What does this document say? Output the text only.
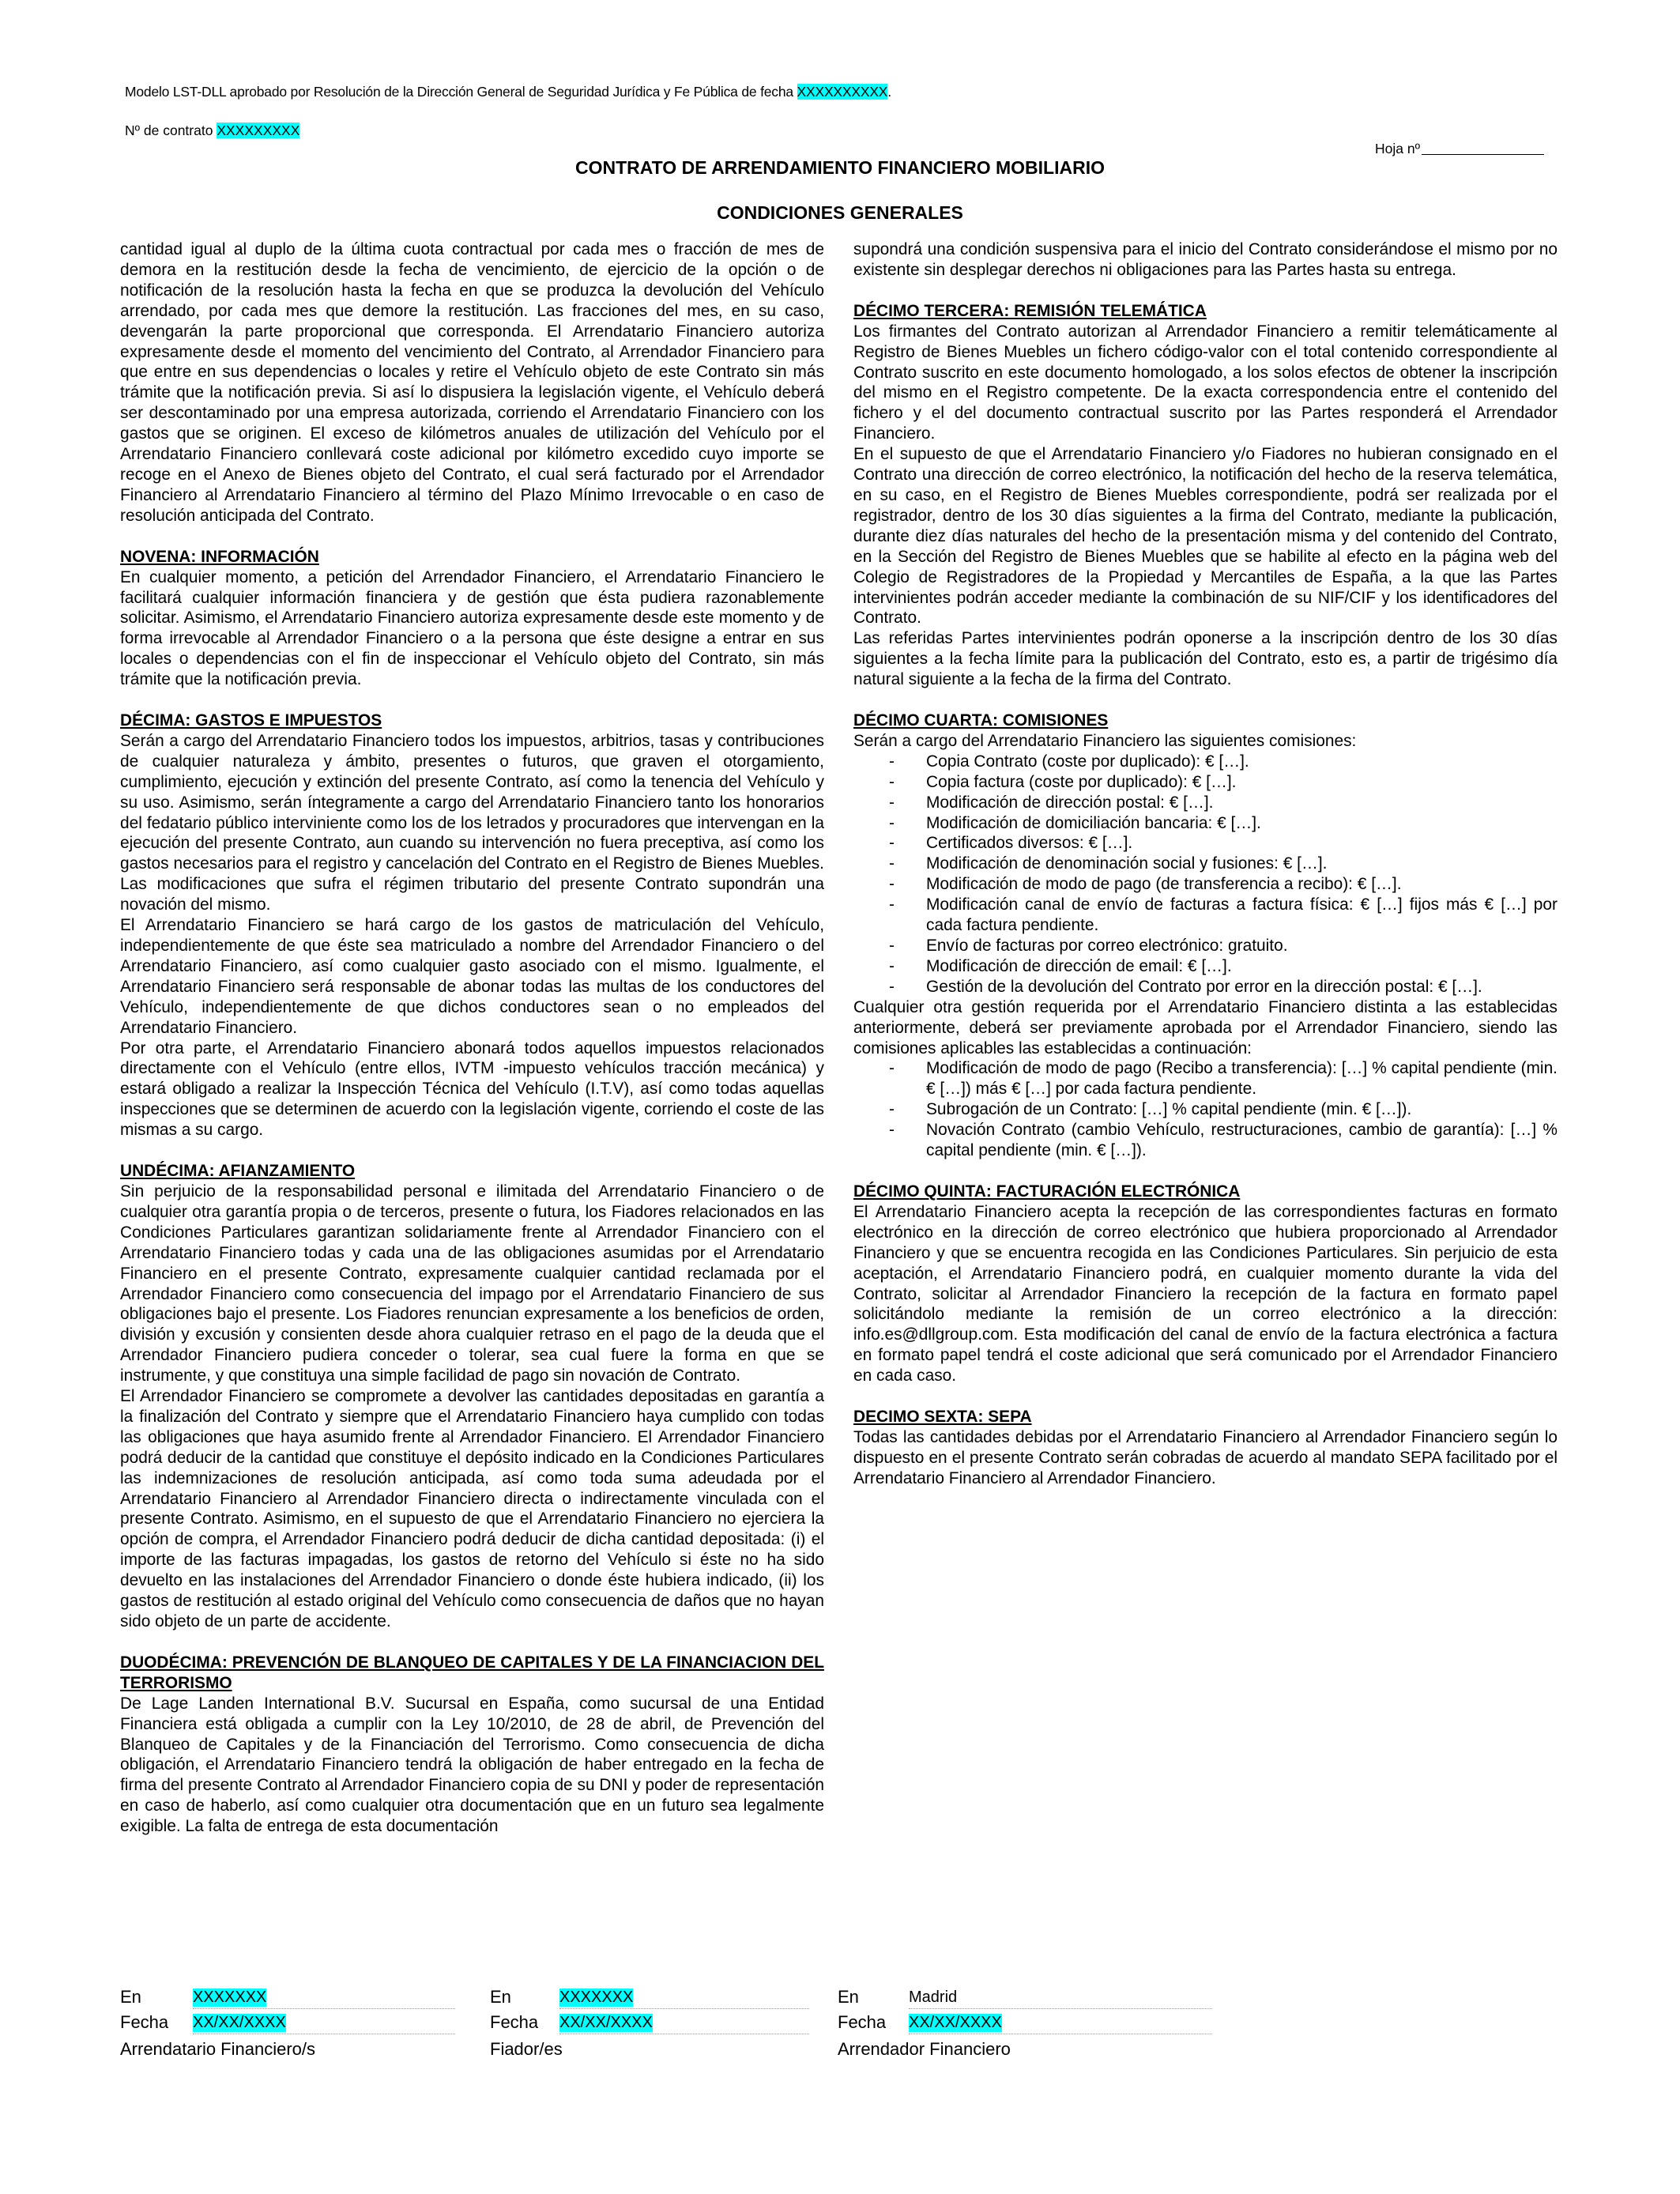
Modelo LST-DLL aprobado por Resolución de la Dirección General de Seguridad Jurídica y Fe Pública de fecha XXXXXXXXXX.
Nº de contrato XXXXXXXXX
Hoja nº
CONTRATO DE ARRENDAMIENTO FINANCIERO MOBILIARIO
CONDICIONES GENERALES

cantidad igual al duplo de la última cuota contractual por cada mes o fracción de mes de demora en la restitución desde la fecha de vencimiento, de ejercicio de la opción o de notificación de la resolución hasta la fecha en que se produzca la devolución del Vehículo arrendado, por cada mes que demore la restitución. Las fracciones del mes, en su caso, devengarán la parte proporcional que corresponda. El Arrendatario Financiero autoriza expresamente desde el momento del vencimiento del Contrato, al Arrendador Financiero para que entre en sus dependencias o locales y retire el Vehículo objeto de este Contrato sin más trámite que la notificación previa. Si así lo dispusiera la legislación vigente, el Vehículo deberá ser descontaminado por una empresa autorizada, corriendo el Arrendatario Financiero con los gastos que se originen. El exceso de kilómetros anuales de utilización del Vehículo por el Arrendatario Financiero conllevará coste adicional por kilómetro excedido cuyo importe se recoge en el Anexo de Bienes objeto del Contrato, el cual será facturado por el Arrendador Financiero al Arrendatario Financiero al término del Plazo Mínimo Irrevocable o en caso de resolución anticipada del Contrato.

NOVENA: INFORMACIÓN

En cualquier momento, a petición del Arrendador Financiero, el Arrendatario Financiero le facilitará cualquier información financiera y de gestión que ésta pudiera razonablemente solicitar. Asimismo, el Arrendatario Financiero autoriza expresamente desde este momento y de forma irrevocable al Arrendador Financiero o a la persona que éste designe a entrar en sus locales o dependencias con el fin de inspeccionar el Vehículo objeto del Contrato, sin más trámite que la notificación previa.

DÉCIMA: GASTOS E IMPUESTOS

Serán a cargo del Arrendatario Financiero todos los impuestos, arbitrios, tasas y contribuciones de cualquier naturaleza y ámbito, presentes o futuros, que graven el otorgamiento, cumplimiento, ejecución y extinción del presente Contrato, así como la tenencia del Vehículo y su uso. Asimismo, serán íntegramente a cargo del Arrendatario Financiero tanto los honorarios del fedatario público interviniente como los de los letrados y procuradores que intervengan en la ejecución del presente Contrato, aun cuando su intervención no fuera preceptiva, así como los gastos necesarios para el registro y cancelación del Contrato en el Registro de Bienes Muebles. Las modificaciones que sufra el régimen tributario del presente Contrato supondrán una novación del mismo.

El Arrendatario Financiero se hará cargo de los gastos de matriculación del Vehículo, independientemente de que éste sea matriculado a nombre del Arrendador Financiero o del Arrendatario Financiero, así como cualquier gasto asociado con el mismo. Igualmente, el Arrendatario Financiero será responsable de abonar todas las multas de los conductores del Vehículo, independientemente de que dichos conductores sean o no empleados del Arrendatario Financiero.

Por otra parte, el Arrendatario Financiero abonará todos aquellos impuestos relacionados directamente con el Vehículo (entre ellos, IVTM -impuesto vehículos tracción mecánica) y estará obligado a realizar la Inspección Técnica del Vehículo (I.T.V), así como todas aquellas inspecciones que se determinen de acuerdo con la legislación vigente, corriendo el coste de las mismas a su cargo.

UNDÉCIMA: AFIANZAMIENTO

Sin perjuicio de la responsabilidad personal e ilimitada del Arrendatario Financiero o de cualquier otra garantía propia o de terceros, presente o futura, los Fiadores relacionados en las Condiciones Particulares garantizan solidariamente frente al Arrendador Financiero con el Arrendatario Financiero todas y cada una de las obligaciones asumidas por el Arrendatario Financiero en el presente Contrato, expresamente cualquier cantidad reclamada por el Arrendador Financiero como consecuencia del impago por el Arrendatario Financiero de sus obligaciones bajo el presente. Los Fiadores renuncian expresamente a los beneficios de orden, división y excusión y consienten desde ahora cualquier retraso en el pago de la deuda que el Arrendador Financiero pudiera conceder o tolerar, sea cual fuere la forma en que se instrumente, y que constituya una simple facilidad de pago sin novación de Contrato.

El Arrendador Financiero se compromete a devolver las cantidades depositadas en garantía a la finalización del Contrato y siempre que el Arrendatario Financiero haya cumplido con todas las obligaciones que haya asumido frente al Arrendador Financiero. El Arrendador Financiero podrá deducir de la cantidad que constituye el depósito indicado en la Condiciones Particulares las indemnizaciones de resolución anticipada, así como toda suma adeudada por el Arrendatario Financiero al Arrendador Financiero directa o indirectamente vinculada con el presente Contrato. Asimismo, en el supuesto de que el Arrendatario Financiero no ejerciera la opción de compra, el Arrendador Financiero podrá deducir de dicha cantidad depositada: (i) el importe de las facturas impagadas, los gastos de retorno del Vehículo si éste no ha sido devuelto en las instalaciones del Arrendador Financiero o donde éste hubiera indicado, (ii) los gastos de restitución al estado original del Vehículo como consecuencia de daños que no hayan sido objeto de un parte de accidente.

DUODÉCIMA: PREVENCIÓN DE BLANQUEO DE CAPITALES Y DE LA FINANCIACION DEL TERRORISMO

De Lage Landen International B.V. Sucursal en España, como sucursal de una Entidad Financiera está obligada a cumplir con la Ley 10/2010, de 28 de abril, de Prevención del Blanqueo de Capitales y de la Financiación del Terrorismo. Como consecuencia de dicha obligación, el Arrendatario Financiero tendrá la obligación de haber entregado en la fecha de firma del presente Contrato al Arrendador Financiero copia de su DNI y poder de representación en caso de haberlo, así como cualquier otra documentación que en un futuro sea legalmente exigible. La falta de entrega de esta documentación

supondrá una condición suspensiva para el inicio del Contrato considerándose el mismo por no existente sin desplegar derechos ni obligaciones para las Partes hasta su entrega.

DÉCIMO TERCERA: REMISIÓN TELEMÁTICA

Los firmantes del Contrato autorizan al Arrendador Financiero a remitir telemáticamente al Registro de Bienes Muebles un fichero código-valor con el total contenido correspondiente al Contrato suscrito en este documento homologado, a los solos efectos de obtener la inscripción del mismo en el Registro competente. De la exacta correspondencia entre el contenido del fichero y el del documento contractual suscrito por las Partes responderá el Arrendador Financiero.

En el supuesto de que el Arrendatario Financiero y/o Fiadores no hubieran consignado en el Contrato una dirección de correo electrónico, la notificación del hecho de la reserva telemática, en su caso, en el Registro de Bienes Muebles correspondiente, podrá ser realizada por el registrador, dentro de los 30 días siguientes a la firma del Contrato, mediante la publicación, durante diez días naturales del hecho de la presentación misma y del contenido del Contrato, en la Sección del Registro de Bienes Muebles que se habilite al efecto en la página web del Colegio de Registradores de la Propiedad y Mercantiles de España, a la que las Partes intervinientes podrán acceder mediante la combinación de su NIF/CIF y los identificadores del Contrato.

Las referidas Partes intervinientes podrán oponerse a la inscripción dentro de los 30 días siguientes a la fecha límite para la publicación del Contrato, esto es, a partir de trigésimo día natural siguiente a la fecha de la firma del Contrato.

DÉCIMO CUARTA: COMISIONES

Serán a cargo del Arrendatario Financiero las siguientes comisiones:

- Copia Contrato (coste por duplicado): € […].
- Copia factura (coste por duplicado): € […].
- Modificación de dirección postal: € […].
- Modificación de domiciliación bancaria: € […].
- Certificados diversos: € […].
- Modificación de denominación social y fusiones: € […].
- Modificación de modo de pago (de transferencia a recibo): € […].
- Modificación canal de envío de facturas a factura física: € […] fijos más € […] por cada factura pendiente.
- Envío de facturas por correo electrónico: gratuito.
- Modificación de dirección de email: € […].
- Gestión de la devolución del Contrato por error en la dirección postal: € […].

Cualquier otra gestión requerida por el Arrendatario Financiero distinta a las establecidas anteriormente, deberá ser previamente aprobada por el Arrendador Financiero, siendo las comisiones aplicables las establecidas a continuación:

- Modificación de modo de pago (Recibo a transferencia): […] % capital pendiente (min. € […]) más € […] por cada factura pendiente.
- Subrogación de un Contrato: […] % capital pendiente (min. € […]).
- Novación Contrato (cambio Vehículo, restructuraciones, cambio de garantía): […] % capital pendiente (min. € […]).
DÉCIMO QUINTA: FACTURACIÓN ELECTRÓNICA

El Arrendatario Financiero acepta la recepción de las correspondientes facturas en formato electrónico en la dirección de correo electrónico que hubiera proporcionado al Arrendador Financiero y que se encuentra recogida en las Condiciones Particulares. Sin perjuicio de esta aceptación, el Arrendatario Financiero podrá, en cualquier momento durante la vida del Contrato, solicitar al Arrendador Financiero la recepción de la factura en formato papel solicitándolo mediante la remisión de un correo electrónico a la dirección: info.es@dllgroup.com. Esta modificación del canal de envío de la factura electrónica a factura en formato papel tendrá el coste adicional que será comunicado por el Arrendador Financiero en cada caso.

DECIMO SEXTA: SEPA

Todas las cantidades debidas por el Arrendatario Financiero al Arrendador Financiero según lo dispuesto en el presente Contrato serán cobradas de acuerdo al mandato SEPA facilitado por el Arrendatario Financiero al Arrendador Financiero.

En	XXXXXXX
Fecha XX/XX/XXXX
Arrendatario Financiero/s
En	XXXXXXX
Fecha XX/XX/XXXX
Fiador/es
En	Madrid
Fecha XX/XX/XXXX
Arrendador Financiero
